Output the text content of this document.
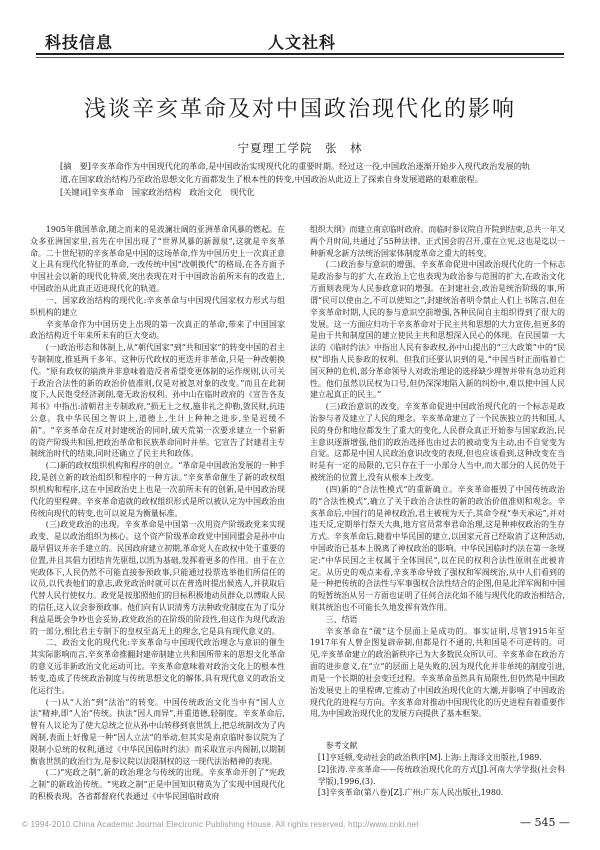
科技信息	人文社科
浅谈辛亥革命及对中国政治现代化的影响
宁夏理工学院　张　林
[摘　要]辛亥革命作为中国现代化的革命,是中国政治实现现代化的重要时期。经过这一役,中国政治逐渐开始步入现代政治发展的轨道,在国家政治结构乃至政治思想文化方面都发生了根本性的转变,中国政治从此迈上了探索自身发展道路的艰难旅程。
[关键词]辛亥革命　国家政治结构　政治文化　现代化

1905年俄国革命,随之而来的是波澜壮阔的亚洲革命风暴的燃起。在众多亚洲国家里,首先在中国出现了“世界风暴的新源泉”,这就是辛亥革命。二十世纪初的辛亥革命是中国的这场革命,作为中国历史上一次真正意义上具有现代化特征的革命,一改传统中国“改朝换代”的格局,在各方面予中国社会以新的现代化特质,突出表现在对于中国政治前所未有的改造上,中国政治从此真正迈进现代化的轨道。

一、国家政治结构的现代化:辛亥革命与中国现代国家权力形式与组织机构的建立

辛亥革命作为中国历史上出现的第一次真正的革命,带来了中国国家政治结构近千年来所未有的巨大变动。

(一)政治形态和体制上,从“朝代国家”到“共和国家”的转变中国的君主专制制度,推延两千多年。这种历代政权的更迭并非革命,只是一种改朝换代。“原有政权的崩溃并非意味着造反者希望变更体制的运作规则,认可关于政治合法性的新的政治价值准则,仅是对被忽对象的改变。”而且在此制度下,人民饱受经济剥削,毫无政治权利。孙中山在临时政府的《宣告各友邦书》中指出:清朝君主专制政府,“损无上之权,施非礼之抑勒,敛民财,抗违公意。我中华民国之智识上,道德上,生计上种种之进步,坐是迟缓不前”。“辛亥革命在反对封建统治的同时,破天荒第一次要求建立一个崭新的资产阶级共和国,把政治革命和民族革命同时并举。它宣告了封建君主专制统治时代的结束,同时还确立了民主共和政体。

(二)新的政权组织机构和程序的创立。“革命是中国政治发展的一种手段,是创立新的政治组织和程序的一种方法。”辛亥革命催生了新的政权组织机构和程序,这在中国政治史上也是一次前所未有的创新,是中国政治现代化的里程碑。辛亥革命造就的政权组织形式是所以被认定为中国政治由传统向现代的转变,也可以说是为衡量标准。

(三)政党政治的出现。辛亥革命是中国第一次用资产阶级政党来实现政变、是以政治组织为核心。这个资产阶级革命政党中国同盟会是孙中山最早倡议并亲手建立的。民国政府建立初期,革命党人在政权中处于重要的位置,并且其倡力团结肯先驱组,以凯为基础,发挥着更多的作用。由于在立宪政体下,人民仍然不可能直接参预政事,只能通过投票选举他们所信任的议员,以代表他们的意志,政党政治时就可以在普选时提出候选人,并获取后代替人民行使权力。政党是按那照他们的目标积极地动员群众,以博取人民的信任,这入议会参预政事。他们向有认识清秀方法种政党制度在为了瓜分利益是既会争吵也会妥协,政党政治的在阶级的阶段性,但这作为现代政治的一部分,相比君主专制下的皇权至高无上的理念,它是具有现代意义的。

二、政治文化的现代化:辛亥革命与中国现代政治理念与意识的催生其实际影响而言,辛亥革命推翻封建帝制建立共和国所带来的思想文化革命的意义远非新政治文化运动可比。辛亥革命意味着对政治文化上的根本性转变,造成了传统政治制度与传统思想文化的解体,具有现代意义的政治文化运行生。

(一)从“人治”到“法治”的转变。中国传统政治文化当中有“国人立法”精神,即“人治”传统。执法“因人而异”,并重道德,轻制度。辛亥革命后,曾有人议论为了使大总统之位从孙中山转移到袁世凯上,把总统制改为了内阁制,表面上好像是一种“因人立法”的举动,但其实是南京临时参议院为了限制小总统的权利,通过《中华民国临时约法》而采取宣示内阁制,以期制衡袁世凯的政治行为,是参议院以法限制权的这一现代法治精神的表现。

(二)“宪政之制”,新的政治理念与传统的出现。辛亥革命开创了“宪政之制”的新政治传统。“宪政之制”正是中国知识精英为了实现中国现代化的积极表现。各省都督府代表通过《中华民国临时政府

组织大纲》而建立南京临时政府。而临时参议院自开院到结束,总共一年又两个月时间,共通过了55种法律。正式国会的召开,重在立宪,这也是迄以一种新观念新方法统治国家体制度革命之重大的转变。

(二)政治参与意识的增强。辛亥革命促进中国政治现代化的一个标志是政治参与的扩大,在政治上它也表现为政治参与范围的扩大,在政治文化方面则表现为人民参政意识的增强。在封建社会,政治是统治阶级的事,所谓“民可以使由之,不可以使知之”,封建统治者明令禁止人们上书陈言,但在辛亥革命时期,人民的参与意识空前增强,各种民间自主组织得到了很大的发展。这一方面应归功于辛亥革命对于民主共和思想的大力宣传,但更多的是由于共和制度国的建立使民主共和思想深入民心的体现。在民国第一大法的《临时约法》中指出人民有参政权,孙中山提出的“三大政策”中的“民权”即指人民参政的权利。但我们还要认识到的是,“中国当时正面临着亡国灭种的危机,部分革命领导人对政治理论的选择缺少理智并带有急功近利性。他们虽然以民权为口号,但仍深深地陷入新的纠纷中,难以使中国人民建立起真正的民主。”

(三)政治意识的改变。辛亥革命促进中国政治现代化的一个标志是政治参与者及建立了人民的理念。辛亥革命建立了一个民族独立的共和国,人民的身份和地位都发生了重大的变化,人民群众真正开始参与国家政治,民主意识逐渐增强,他们的政治选择也由过去的被动变为主动,由不自觉变为自觉。这都是中国人民政治意识改变的表现,但也应该看到,这种改变在当时是有一定的局限的,它只存在于一小部分人当中,而大部分的人民仍处于被统治的位置上,没有从根本上改变。

(四)新的“合法性模式”的重新确立。辛亥革命摧毁了中国传统政治的“合法性模式”,确立了关于政治合法性的新的政治价值准则和观念。辛亥革命后,中国行的是神权政治,君主被视为天子,其命令视“奉天承运”,并对违天反,定期举行祭天大典,地方官员常奉君命治理,这是种神权政治的生存方式。辛亥革命后,随着中华民国的建立,以国家元首已经取消了这种活动,中国政治已基本上脱离了神权政治的影响。中华民国临时约法在第一条规定:“中华民国之主权属于全体国民”,以在民的权利合法性原则在此被肯定。从历史的观点来看,辛亥革命导致了强权和军阀统治,从中人们看到的是一种把传统的合法性与军事强权合法性结合的企图,但是北洋军阀和中国的短暂统治从另一方面也证明了任何合法化如不能与现代化的政治相结合,则其统治也不可能长久地发挥有效作用。

三、结语

辛亥革命在“破”这个层面上是成功的。事实证明,尽管1915年至1917年有人曾企图复辟帝制,但都是行不通的,共和国是不可逆转的。可见,辛亥革命建立的政治新秩序已为大多数民众所认可。辛亥革命在政治方面的进步意义,在“立”的层面上是失败的,因为现代化并非单纯的制度引进,而是一个长期的社会变迁过程。辛亥革命虽然具有局限性,但仍然是中国政治发展史上的里程碑,它推动了中国政治现代化的大潮,并影响了中国政治现代化的进程与方向。辛亥革命对推动中国现代化的历史进程有着重要作用,为中国政治现代化的发展方向提供了基本框架。

参考文献

[1]亨廷顿,变动社会的政治秩序[M].上海:上海译文出版社,1989.

[2]张涛.辛亥革命——传统政治现代化的方式[J].河南大学学报(社会科学版),1996,(3).

[3]辛亥革命(第八卷)[Z].广州:广东人民出版社,1980.

© 1994-2010 China Academic Journal Electronic Publishing House. All rights reserved. http://www.cnki.net	— 545 —
